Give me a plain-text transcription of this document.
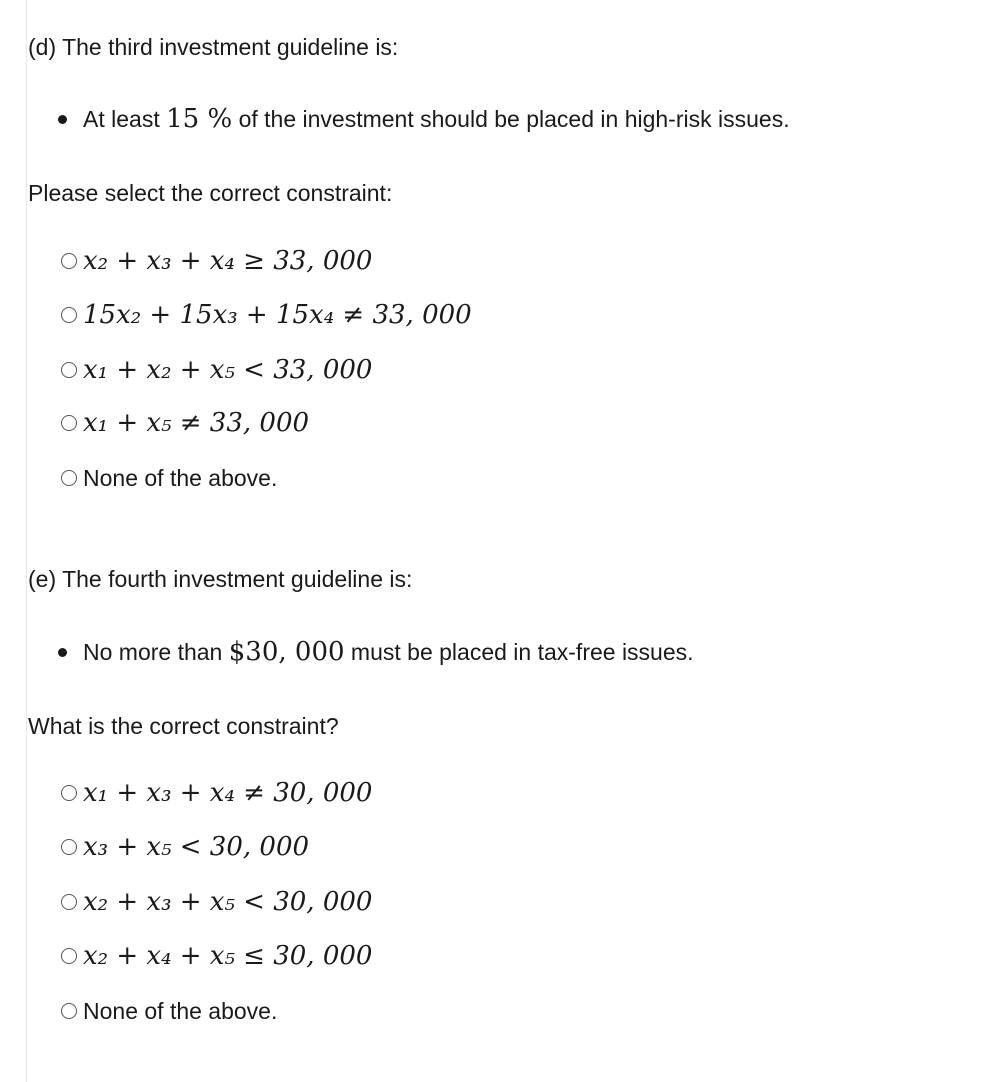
(d) The third investment guideline is:

At least 15 % of the investment should be placed in high-risk issues.
Please select the correct constraint:
x₂ + x₃ + x₄ ≥ 33, 000
15x₂ + 15x₃ + 15x₄ ≠ 33, 000
x₁ + x₂ + x₅ < 33, 000
x₁ + x₅ ≠ 33, 000
None of the above.

(e) The fourth investment guideline is:

No more than $30, 000 must be placed in tax-free issues.
What is the correct constraint?
x₁ + x₃ + x₄ ≠ 30, 000
x₃ + x₅ < 30, 000
x₂ + x₃ + x₅ < 30, 000
x₂ + x₄ + x₅ ≤ 30, 000
None of the above.
